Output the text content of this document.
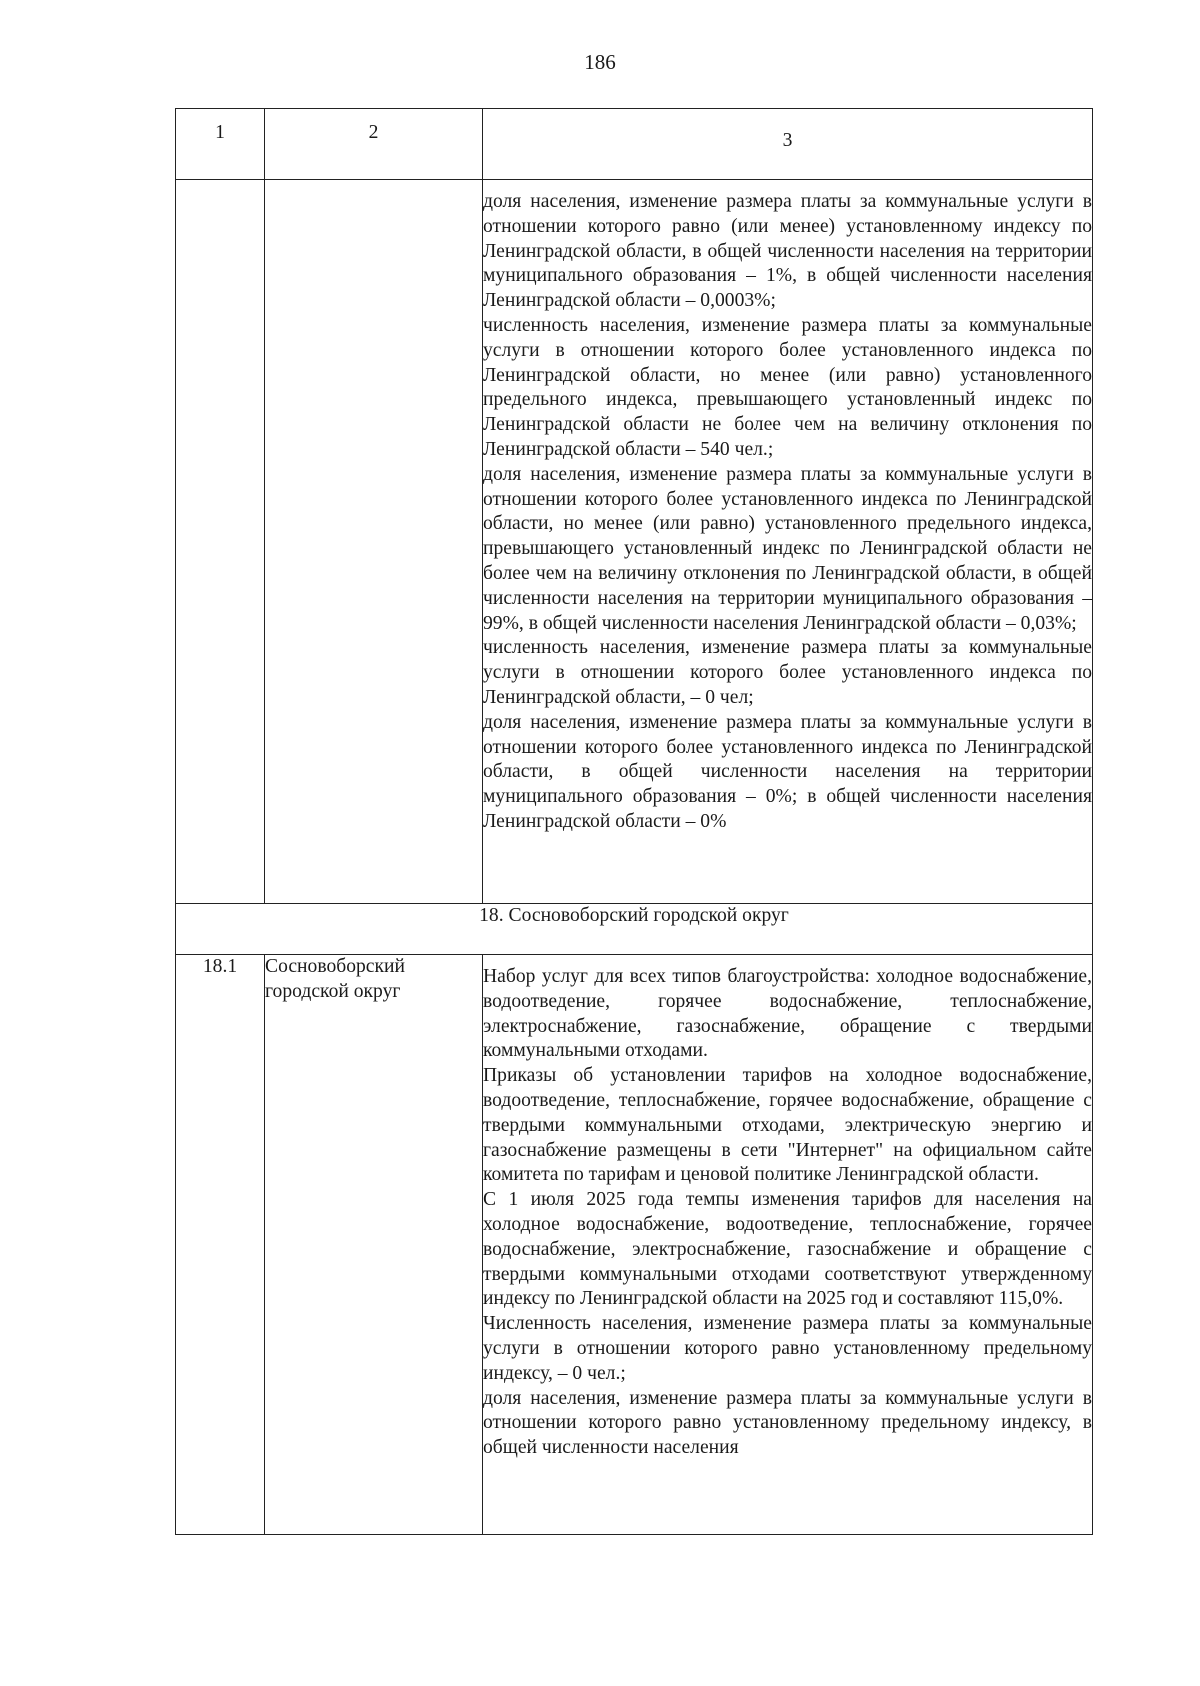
186
1	2	3

		доля населения, изменение размера платы за коммунальные услуги в отношении которого равно (или менее) установленному индексу по Ленинградской области, в общей численности населения на территории муниципального образования – 1%, в общей численности населения Ленинградской области – 0,0003%;

численность населения, изменение размера платы за коммунальные услуги в отношении которого более установленного индекса по Ленинградской области, но менее (или равно) установленного предельного индекса, превышающего установленный индекс по Ленинградской области не более чем на величину отклонения по Ленинградской области – 540 чел.;

доля населения, изменение размера платы за коммунальные услуги в отношении которого более установленного индекса по Ленинградской области, но менее (или равно) установленного предельного индекса, превышающего установленный индекс по Ленинградской области не более чем на величину отклонения по Ленинградской области, в общей численности населения на территории муниципального образования – 99%, в общей численности населения Ленинградской области – 0,03%;

численность населения, изменение размера платы за коммунальные услуги в отношении которого более установленного индекса по Ленинградской области, – 0 чел;

доля населения, изменение размера платы за коммунальные услуги в отношении которого более установленного индекса по Ленинградской области, в общей численности населения на территории муниципального образования – 0%; в общей численности населения Ленинградской области – 0%

18. Сосновоборский городской округ		
18.1	Сосновоборский городской округ	Набор услуг для всех типов благоустройства: холодное водоснабжение, водоотведение, горячее водоснабжение, теплоснабжение, электроснабжение, газоснабжение, обращение с твердыми коммунальными отходами.

Приказы об установлении тарифов на холодное водоснабжение, водоотведение, теплоснабжение, горячее водоснабжение, обращение с твердыми коммунальными отходами, электрическую энергию и газоснабжение размещены в сети "Интернет" на официальном сайте комитета по тарифам и ценовой политике Ленинградской области.

С 1 июля 2025 года темпы изменения тарифов для населения на холодное водоснабжение, водоотведение, теплоснабжение, горячее водоснабжение, электроснабжение, газоснабжение и обращение с твердыми коммунальными отходами соответствуют утвержденному индексу по Ленинградской области на 2025 год и составляют 115,0%.

Численность населения, изменение размера платы за коммунальные услуги в отношении которого равно установленному предельному индексу, – 0 чел.;

доля населения, изменение размера платы за коммунальные услуги в отношении которого равно установленному предельному индексу, в общей численности населения
